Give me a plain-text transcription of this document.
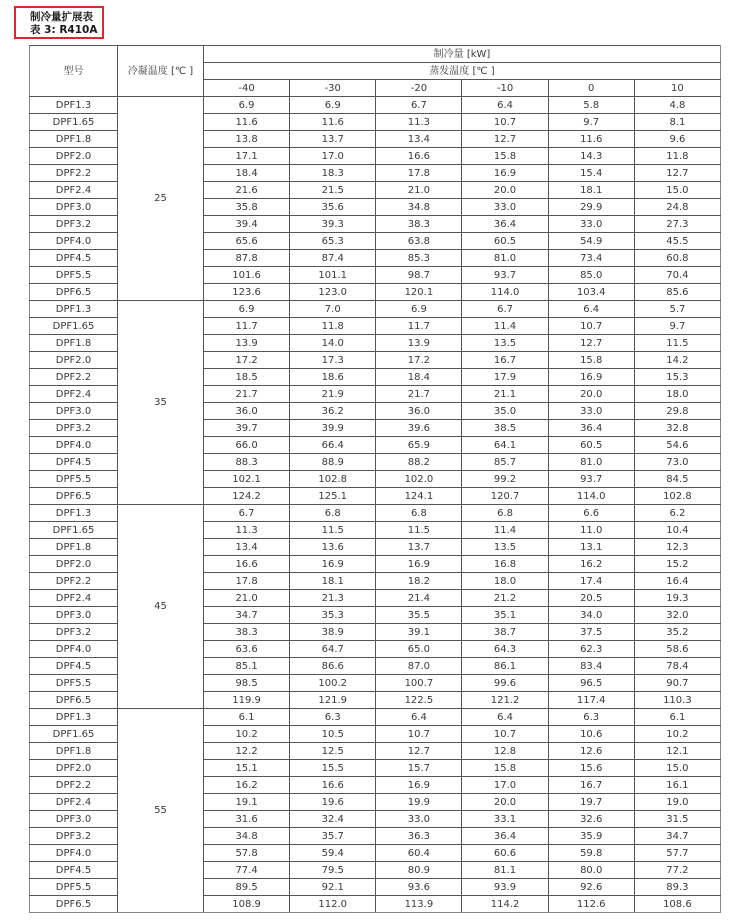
制冷量扩展表
表 3: R410A
型号	冷凝温度 [℃ ]	制冷量 [kW]					
		蒸发温度 [℃ ]					
		-40	-30	-20	-10	0	10
DPF1.3	25	6.9	6.9	6.7	6.4	5.8	4.8
DPF1.65		11.6	11.6	11.3	10.7	9.7	8.1
DPF1.8		13.8	13.7	13.4	12.7	11.6	9.6
DPF2.0		17.1	17.0	16.6	15.8	14.3	11.8
DPF2.2		18.4	18.3	17.8	16.9	15.4	12.7
DPF2.4		21.6	21.5	21.0	20.0	18.1	15.0
DPF3.0		35.8	35.6	34.8	33.0	29.9	24.8
DPF3.2		39.4	39.3	38.3	36.4	33.0	27.3
DPF4.0		65.6	65.3	63.8	60.5	54.9	45.5
DPF4.5		87.8	87.4	85.3	81.0	73.4	60.8
DPF5.5		101.6	101.1	98.7	93.7	85.0	70.4
DPF6.5		123.6	123.0	120.1	114.0	103.4	85.6
DPF1.3	35	6.9	7.0	6.9	6.7	6.4	5.7
DPF1.65		11.7	11.8	11.7	11.4	10.7	9.7
DPF1.8		13.9	14.0	13.9	13.5	12.7	11.5
DPF2.0		17.2	17.3	17.2	16.7	15.8	14.2
DPF2.2		18.5	18.6	18.4	17.9	16.9	15.3
DPF2.4		21.7	21.9	21.7	21.1	20.0	18.0
DPF3.0		36.0	36.2	36.0	35.0	33.0	29.8
DPF3.2		39.7	39.9	39.6	38.5	36.4	32.8
DPF4.0		66.0	66.4	65.9	64.1	60.5	54.6
DPF4.5		88.3	88.9	88.2	85.7	81.0	73.0
DPF5.5		102.1	102.8	102.0	99.2	93.7	84.5
DPF6.5		124.2	125.1	124.1	120.7	114.0	102.8
DPF1.3	45	6.7	6.8	6.8	6.8	6.6	6.2
DPF1.65		11.3	11.5	11.5	11.4	11.0	10.4
DPF1.8		13.4	13.6	13.7	13.5	13.1	12.3
DPF2.0		16.6	16.9	16.9	16.8	16.2	15.2
DPF2.2		17.8	18.1	18.2	18.0	17.4	16.4
DPF2.4		21.0	21.3	21.4	21.2	20.5	19.3
DPF3.0		34.7	35.3	35.5	35.1	34.0	32.0
DPF3.2		38.3	38.9	39.1	38.7	37.5	35.2
DPF4.0		63.6	64.7	65.0	64.3	62.3	58.6
DPF4.5		85.1	86.6	87.0	86.1	83.4	78.4
DPF5.5		98.5	100.2	100.7	99.6	96.5	90.7
DPF6.5		119.9	121.9	122.5	121.2	117.4	110.3
DPF1.3	55	6.1	6.3	6.4	6.4	6.3	6.1
DPF1.65		10.2	10.5	10.7	10.7	10.6	10.2
DPF1.8		12.2	12.5	12.7	12.8	12.6	12.1
DPF2.0		15.1	15.5	15.7	15.8	15.6	15.0
DPF2.2		16.2	16.6	16.9	17.0	16.7	16.1
DPF2.4		19.1	19.6	19.9	20.0	19.7	19.0
DPF3.0		31.6	32.4	33.0	33.1	32.6	31.5
DPF3.2		34.8	35.7	36.3	36.4	35.9	34.7
DPF4.0		57.8	59.4	60.4	60.6	59.8	57.7
DPF4.5		77.4	79.5	80.9	81.1	80.0	77.2
DPF5.5		89.5	92.1	93.6	93.9	92.6	89.3
DPF6.5		108.9	112.0	113.9	114.2	112.6	108.6
